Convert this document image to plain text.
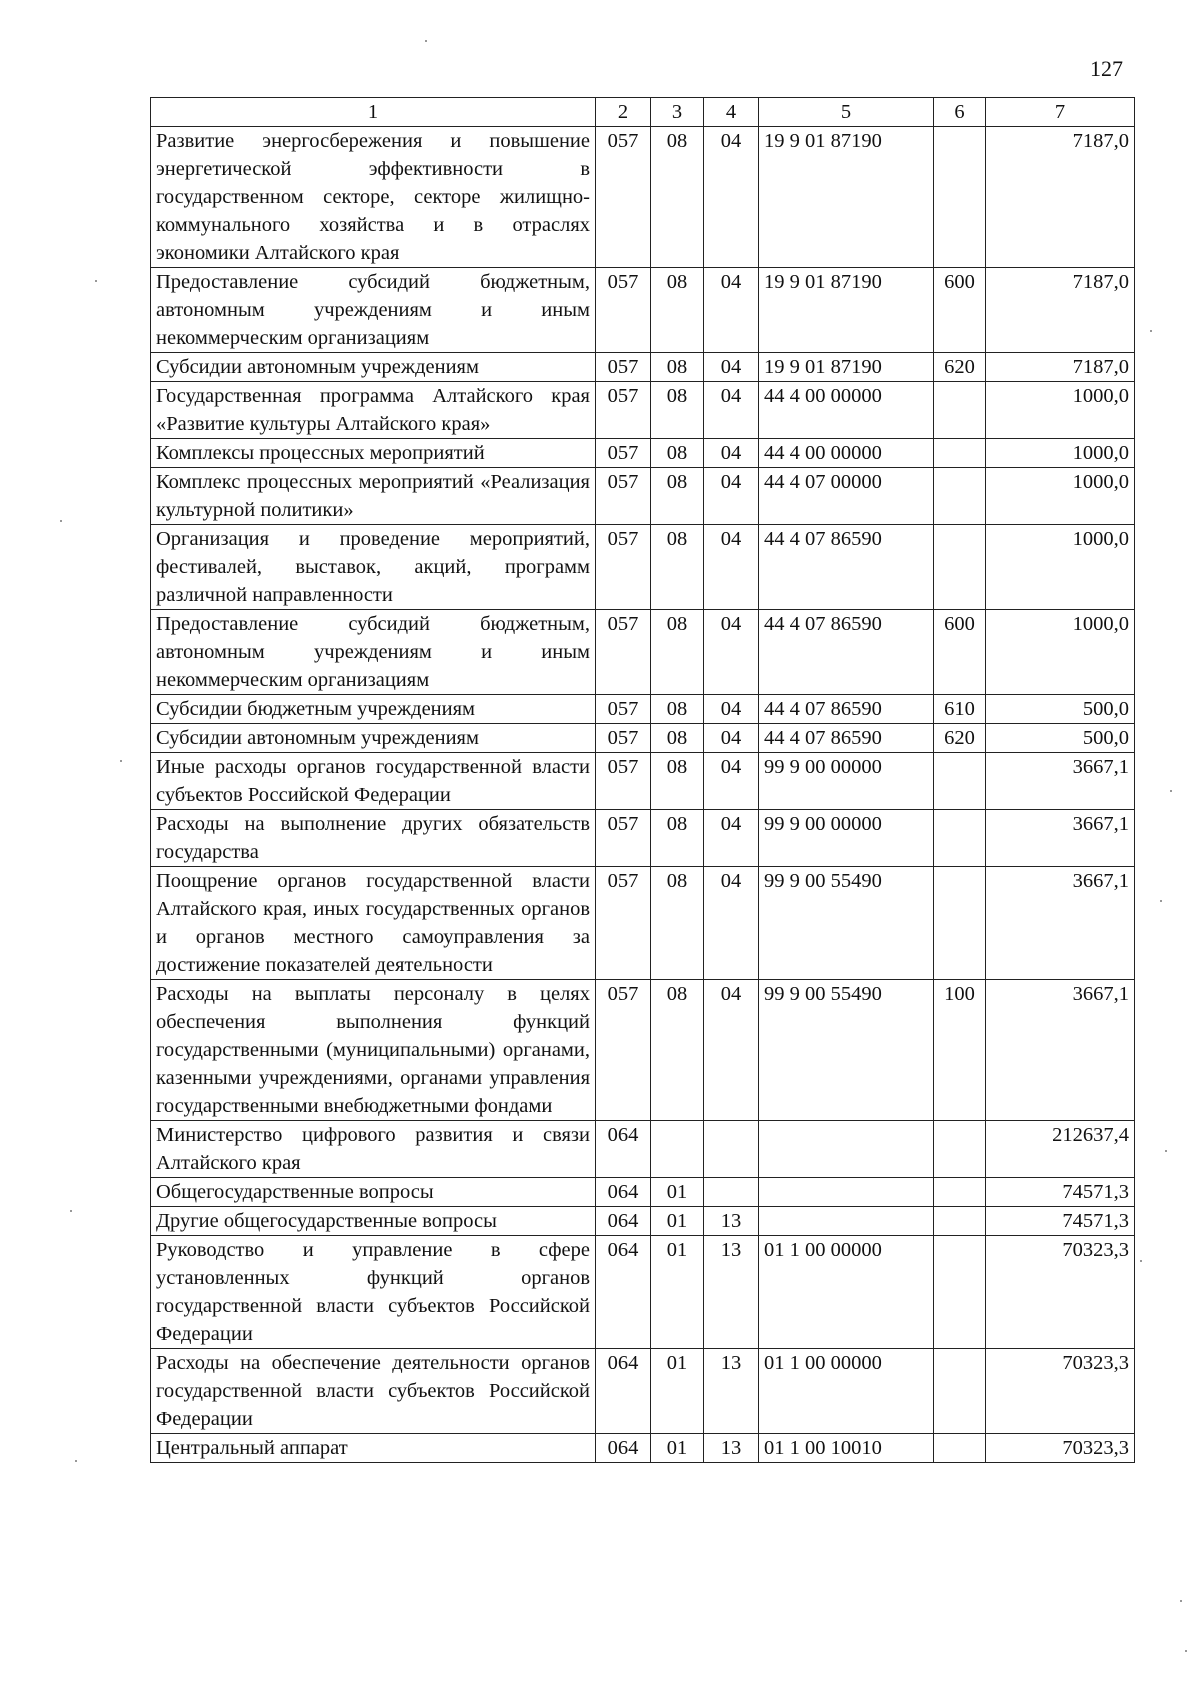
127
1	2	3	4	5	6	7
Развитие энергосбережения и повышение энергетической эффективности в государственном секторе, секторе жилищно-коммунального хозяйства и в отраслях экономики Алтайского края	057	08	04	19 9 01 87190		7187,0
Предоставление субсидий бюджетным, автономным учреждениям и иным некоммерческим организациям	057	08	04	19 9 01 87190	600	7187,0
Субсидии автономным учреждениям	057	08	04	19 9 01 87190	620	7187,0
Государственная программа Алтайского края «Развитие культуры Алтайского края»	057	08	04	44 4 00 00000		1000,0
Комплексы процессных мероприятий	057	08	04	44 4 00 00000		1000,0
Комплекс процессных мероприятий «Реализация культурной политики»	057	08	04	44 4 07 00000		1000,0
Организация и проведение мероприятий, фестивалей, выставок, акций, программ различной направленности	057	08	04	44 4 07 86590		1000,0
Предоставление субсидий бюджетным, автономным учреждениям и иным некоммерческим организациям	057	08	04	44 4 07 86590	600	1000,0
Субсидии бюджетным учреждениям	057	08	04	44 4 07 86590	610	500,0
Субсидии автономным учреждениям	057	08	04	44 4 07 86590	620	500,0
Иные расходы органов государственной власти субъектов Российской Федерации	057	08	04	99 9 00 00000		3667,1
Расходы на выполнение других обязательств государства	057	08	04	99 9 00 00000		3667,1
Поощрение органов государственной власти Алтайского края, иных государственных органов и органов местного самоуправления за достижение показателей деятельности	057	08	04	99 9 00 55490		3667,1
Расходы на выплаты персоналу в целях обеспечения выполнения функций государственными (муниципальными) органами, казенными учреждениями, органами управления государственными внебюджетными фондами	057	08	04	99 9 00 55490	100	3667,1
Министерство цифрового развития и связи Алтайского края	064					212637,4
Общегосударственные вопросы	064	01				74571,3
Другие общегосударственные вопросы	064	01	13			74571,3
Руководство и управление в сфере установленных функций органов государственной власти субъектов Российской Федерации	064	01	13	01 1 00 00000		70323,3
Расходы на обеспечение деятельности органов государственной власти субъектов Российской Федерации	064	01	13	01 1 00 00000		70323,3
Центральный аппарат	064	01	13	01 1 00 10010		70323,3
